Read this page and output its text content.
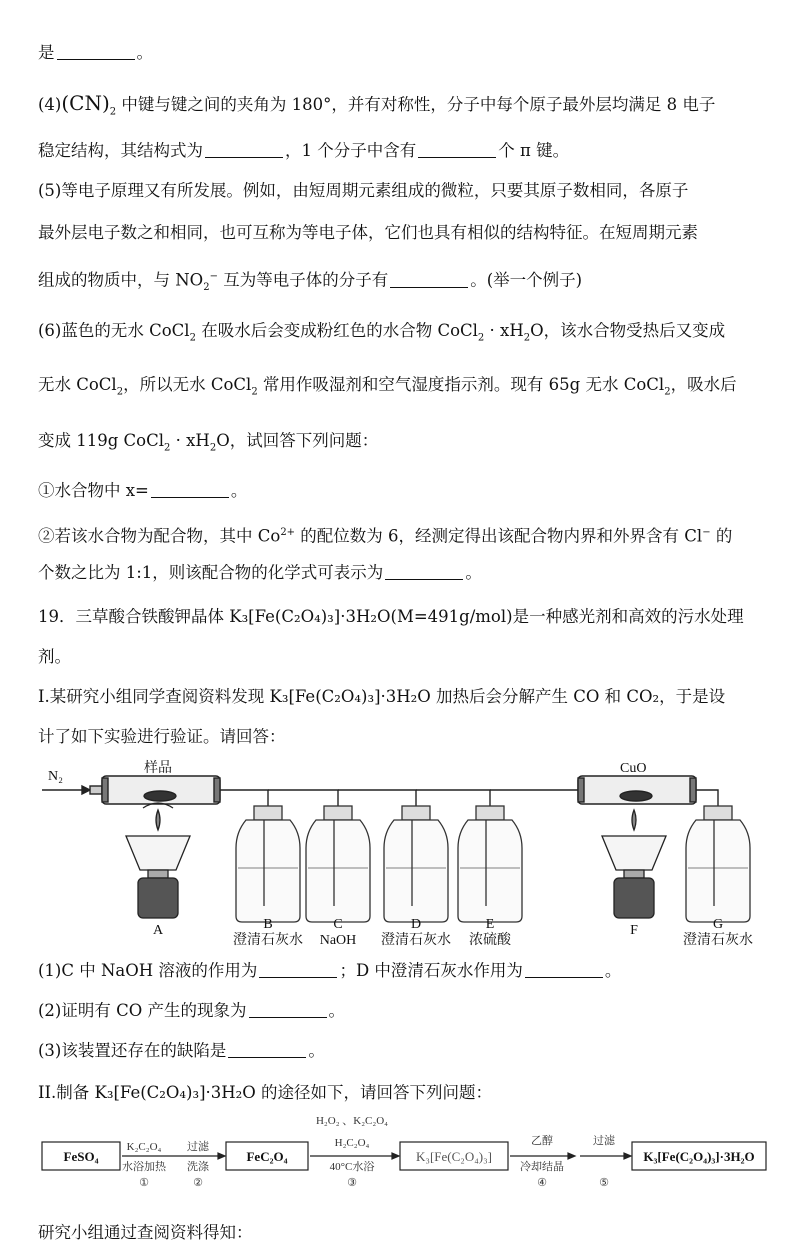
是	。
$(4)(CN)_2$ 中键与键之间的夹角为 180°，并有对称性，分子中每个原子最外层均满足 8 电子
稳定结构，其结构式为	，1 个分子中含有	个 π 键。
(5)等电子原理又有所发展。例如，由短周期元素组成的微粒，只要其原子数相同，各原子
最外层电子数之和相同，也可互称为等电子体，它们也具有相似的结构特征。在短周期元素
组成的物质中，与 $NO_2^-$ 互为等电子体的分子有	。(举一个例子)
(6)蓝色的无水 CoCl$_2$ 在吸水后会变成粉红色的水合物 CoCl$_2$ · $xH_2O$，该水合物受热后又变成
无水 CoCl$_2$，所以无水 CoCl$_2$ 常用作吸湿剂和空气湿度指示剂。现有 65g 无水 CoCl$_2$，吸水后
变成 119g CoCl$_2$ · $xH_2O$，试回答下列问题：
①水合物中 x=	。
②若该水合物为配合物，其中 $Co^{2+}$ 的配位数为 6，经测定得出该配合物内界和外界含有 Cl− 的
个数之比为 1:1，则该配合物的化学式可表示为	。
19．三草酸合铁酸钾晶体 K₃[Fe(C₂O₄)₃]·3H₂O(M=491g/mol)是一种感光剂和高效的污水处理
剂。
I.某研究小组同学查阅资料发现 K₃[Fe(C₂O₄)₃]·3H₂O 加热后会分解产生 CO 和 CO₂，于是设
计了如下实验进行验证。请回答：
N₂
样品	CuO
A	B	C	D	E	F	G
澄清石灰水 NaOH 澄清石灰水 浓硫酸	澄清石灰水
(1)C 中 NaOH 溶液的作用为	；D 中澄清石灰水作用为	。
(2)证明有 CO 产生的现象为	。
(3)该装置还存在的缺陷是	。
II.制备 K₃[Fe(C₂O₄)₃]·3H₂O 的途径如下，请回答下列问题：
FeSO₄	FeC₂O₄	K₃[Fe(C₂O₄)₃]	K₃[Fe(C₂O₄)₃]·3H₂O
K₂C₂O₄
水浴加热
①
过滤
洗涤
②
H₂O₂ 、K₂C₂O₄
H₂C₂O₄
40°C水浴
③
乙醇
冷却结晶
④
过滤
⑤
研究小组通过查阅资料得知：
